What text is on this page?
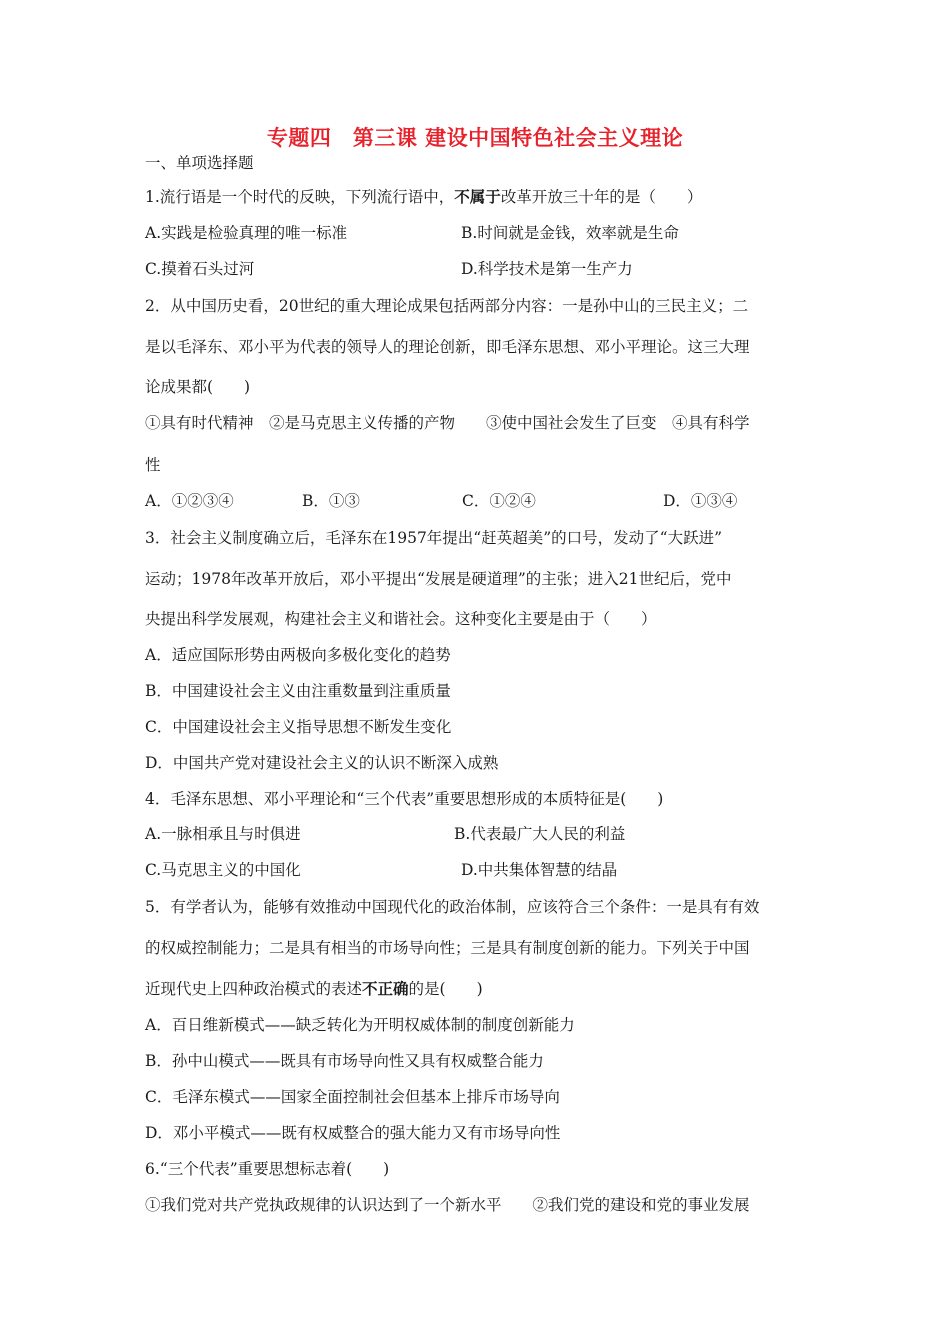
专题四　第三课 建设中国特色社会主义理论
一、单项选择题
1.流行语是一个时代的反映，下列流行语中，不属于改革开放三十年的是（　　）
A.实践是检验真理的唯一标准	B.时间就是金钱，效率就是生命
C.摸着石头过河	D.科学技术是第一生产力
2．从中国历史看，20世纪的重大理论成果包括两部分内容：一是孙中山的三民主义；二
是以毛泽东、邓小平为代表的领导人的理论创新，即毛泽东思想、邓小平理论。这三大理
论成果都(　　)
①具有时代精神　②是马克思主义传播的产物　　③使中国社会发生了巨变　④具有科学
性
A．①②③④	B．①③	C．①②④	D．①③④
3．社会主义制度确立后，毛泽东在1957年提出“赶英超美”的口号，发动了“大跃进”
运动；1978年改革开放后，邓小平提出“发展是硬道理”的主张；进入21世纪后，党中
央提出科学发展观，构建社会主义和谐社会。这种变化主要是由于（　　）
A．适应国际形势由两极向多极化变化的趋势
B．中国建设社会主义由注重数量到注重质量
C．中国建设社会主义指导思想不断发生变化
D．中国共产党对建设社会主义的认识不断深入成熟
4．毛泽东思想、邓小平理论和“三个代表”重要思想形成的本质特征是(　　)
A.一脉相承且与时俱进	B.代表最广大人民的利益
C.马克思主义的中国化	D.中共集体智慧的结晶
5．有学者认为，能够有效推动中国现代化的政治体制，应该符合三个条件：一是具有有效
的权威控制能力；二是具有相当的市场导向性；三是具有制度创新的能力。下列关于中国
近现代史上四种政治模式的表述不正确的是(　　)
A．百日维新模式——缺乏转化为开明权威体制的制度创新能力
B．孙中山模式——既具有市场导向性又具有权威整合能力
C．毛泽东模式——国家全面控制社会但基本上排斥市场导向
D．邓小平模式——既有权威整合的强大能力又有市场导向性
6.“三个代表”重要思想标志着(　　)
①我们党对共产党执政规律的认识达到了一个新水平　　②我们党的建设和党的事业发展
